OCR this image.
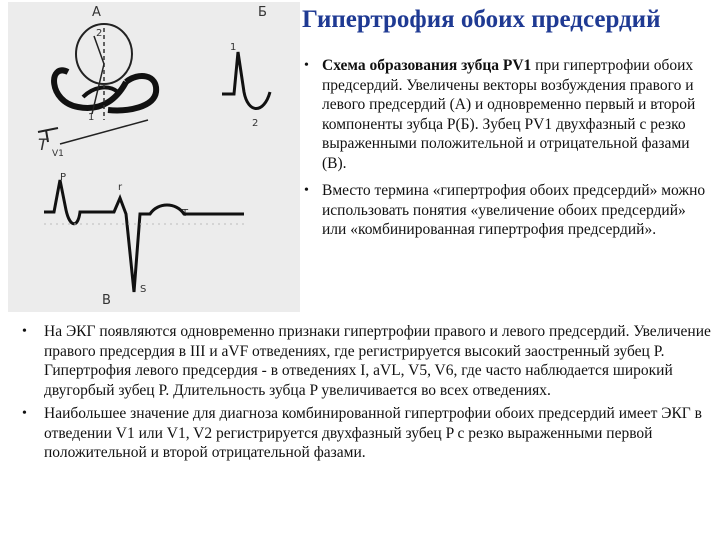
А
2
1
Т V1
Б
1
2
P
r
T
S
В
Гипертрофия обоих предсердий
• Схема образования зубца PV1 при гипертрофии обоих предсердий. Увеличены векторы возбуждения правого и левого предсердий (А) и одновременно первый и второй компоненты зубца P(Б). Зубец PV1 двухфазный с резко выраженными положительной и отрицательной фазами (В).
• Вместо термина «гипертрофия обоих предсердий» можно использовать понятия «увеличение обоих предсердий» или «комбинированная гипертрофия предсердий».
• На ЭКГ появляются одновременно признаки гипертрофии правого и левого предсердий. Увеличение правого предсердия в III и aVF отведениях, где регистрируется высокий заостренный зубец P. Гипертрофия левого предсердия - в отведениях I, aVL, V5, V6, где часто наблюдается широкий двугорбый зубец P. Длительность зубца P увеличивается во всех отведениях.
• Наибольшее значение для диагноза комбинированной гипертрофии обоих предсердий имеет ЭКГ в отведении V1 или V1, V2 регистрируется двухфазный зубец P с резко выраженными первой положительной и второй отрицательной фазами.
